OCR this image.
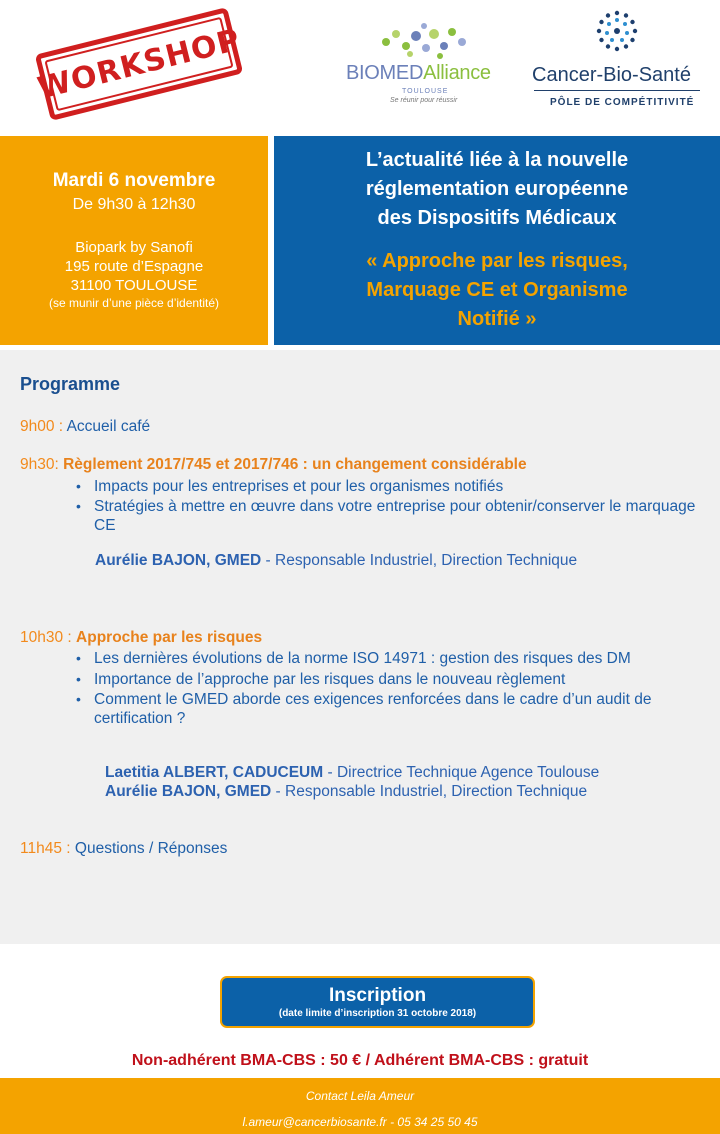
WORKSHOP	BIOMEDAlliance
TOULOUSE
Se réunir pour réussir
Cancer-Bio-Santé
PÔLE DE COMPÉTITIVITÉ
Mardi 6 novembre
De 9h30 à 12h30
Biopark by Sanofi
195 route d’Espagne
31100 TOULOUSE
(se munir d’une pièce d’identité)
L’actualité liée à la nouvelle
réglementation européenne
des Dispositifs Médicaux
« Approche par les risques,
Marquage CE et Organisme
Notifié »
Programme
9h00 : Accueil café
9h30: Règlement 2017/745 et 2017/746 : un changement considérable
• Impacts pour les entreprises et pour les organismes notifiés
• Stratégies à mettre en œuvre dans votre entreprise pour obtenir/conserver le marquage CE
Aurélie BAJON, GMED - Responsable Industriel, Direction Technique
10h30 : Approche par les risques
• Les dernières évolutions de la norme ISO 14971 : gestion des risques des DM
• Importance de l’approche par les risques dans le nouveau règlement
• Comment le GMED aborde ces exigences renforcées dans le cadre d’un audit de certification ?
Laetitia ALBERT, CADUCEUM - Directrice Technique Agence Toulouse
Aurélie BAJON, GMED - Responsable Industriel, Direction Technique
11h45 : Questions / Réponses
Inscription
(date limite d’inscription 31 octobre 2018)
Non-adhérent BMA-CBS : 50 € / Adhérent BMA-CBS : gratuit
Contact Leila Ameur
l.ameur@cancerbiosante.fr - 05 34 25 50 45
